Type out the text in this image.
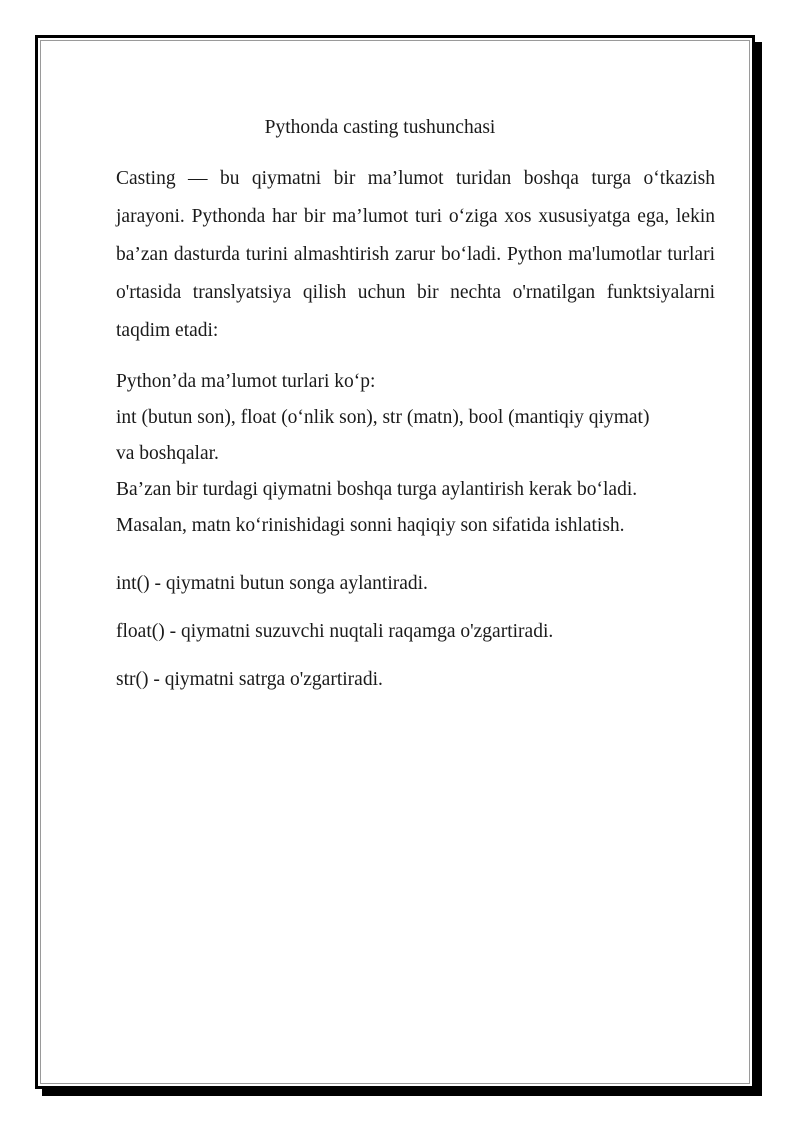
Pythonda casting tushunchasi

Casting — bu qiymatni bir ma’lumot turidan boshqa turga o‘tkazish jarayoni. Pythonda har bir ma’lumot turi o‘ziga xos xususiyatga ega, lekin ba’zan dasturda turini almashtirish zarur bo‘ladi. Python ma'lumotlar turlari o'rtasida translyatsiya qilish uchun bir nechta o'rnatilgan funktsiyalarni taqdim etadi:

Python’da ma’lumot turlari ko‘p:
int (butun son), float (o‘nlik son), str (matn), bool (mantiqiy qiymat)
va boshqalar.
Ba’zan bir turdagi qiymatni boshqa turga aylantirish kerak bo‘ladi.
Masalan, matn ko‘rinishidagi sonni haqiqiy son sifatida ishlatish.

int() - qiymatni butun songa aylantiradi.

float() - qiymatni suzuvchi nuqtali raqamga o'zgartiradi.

str() - qiymatni satrga o'zgartiradi.
